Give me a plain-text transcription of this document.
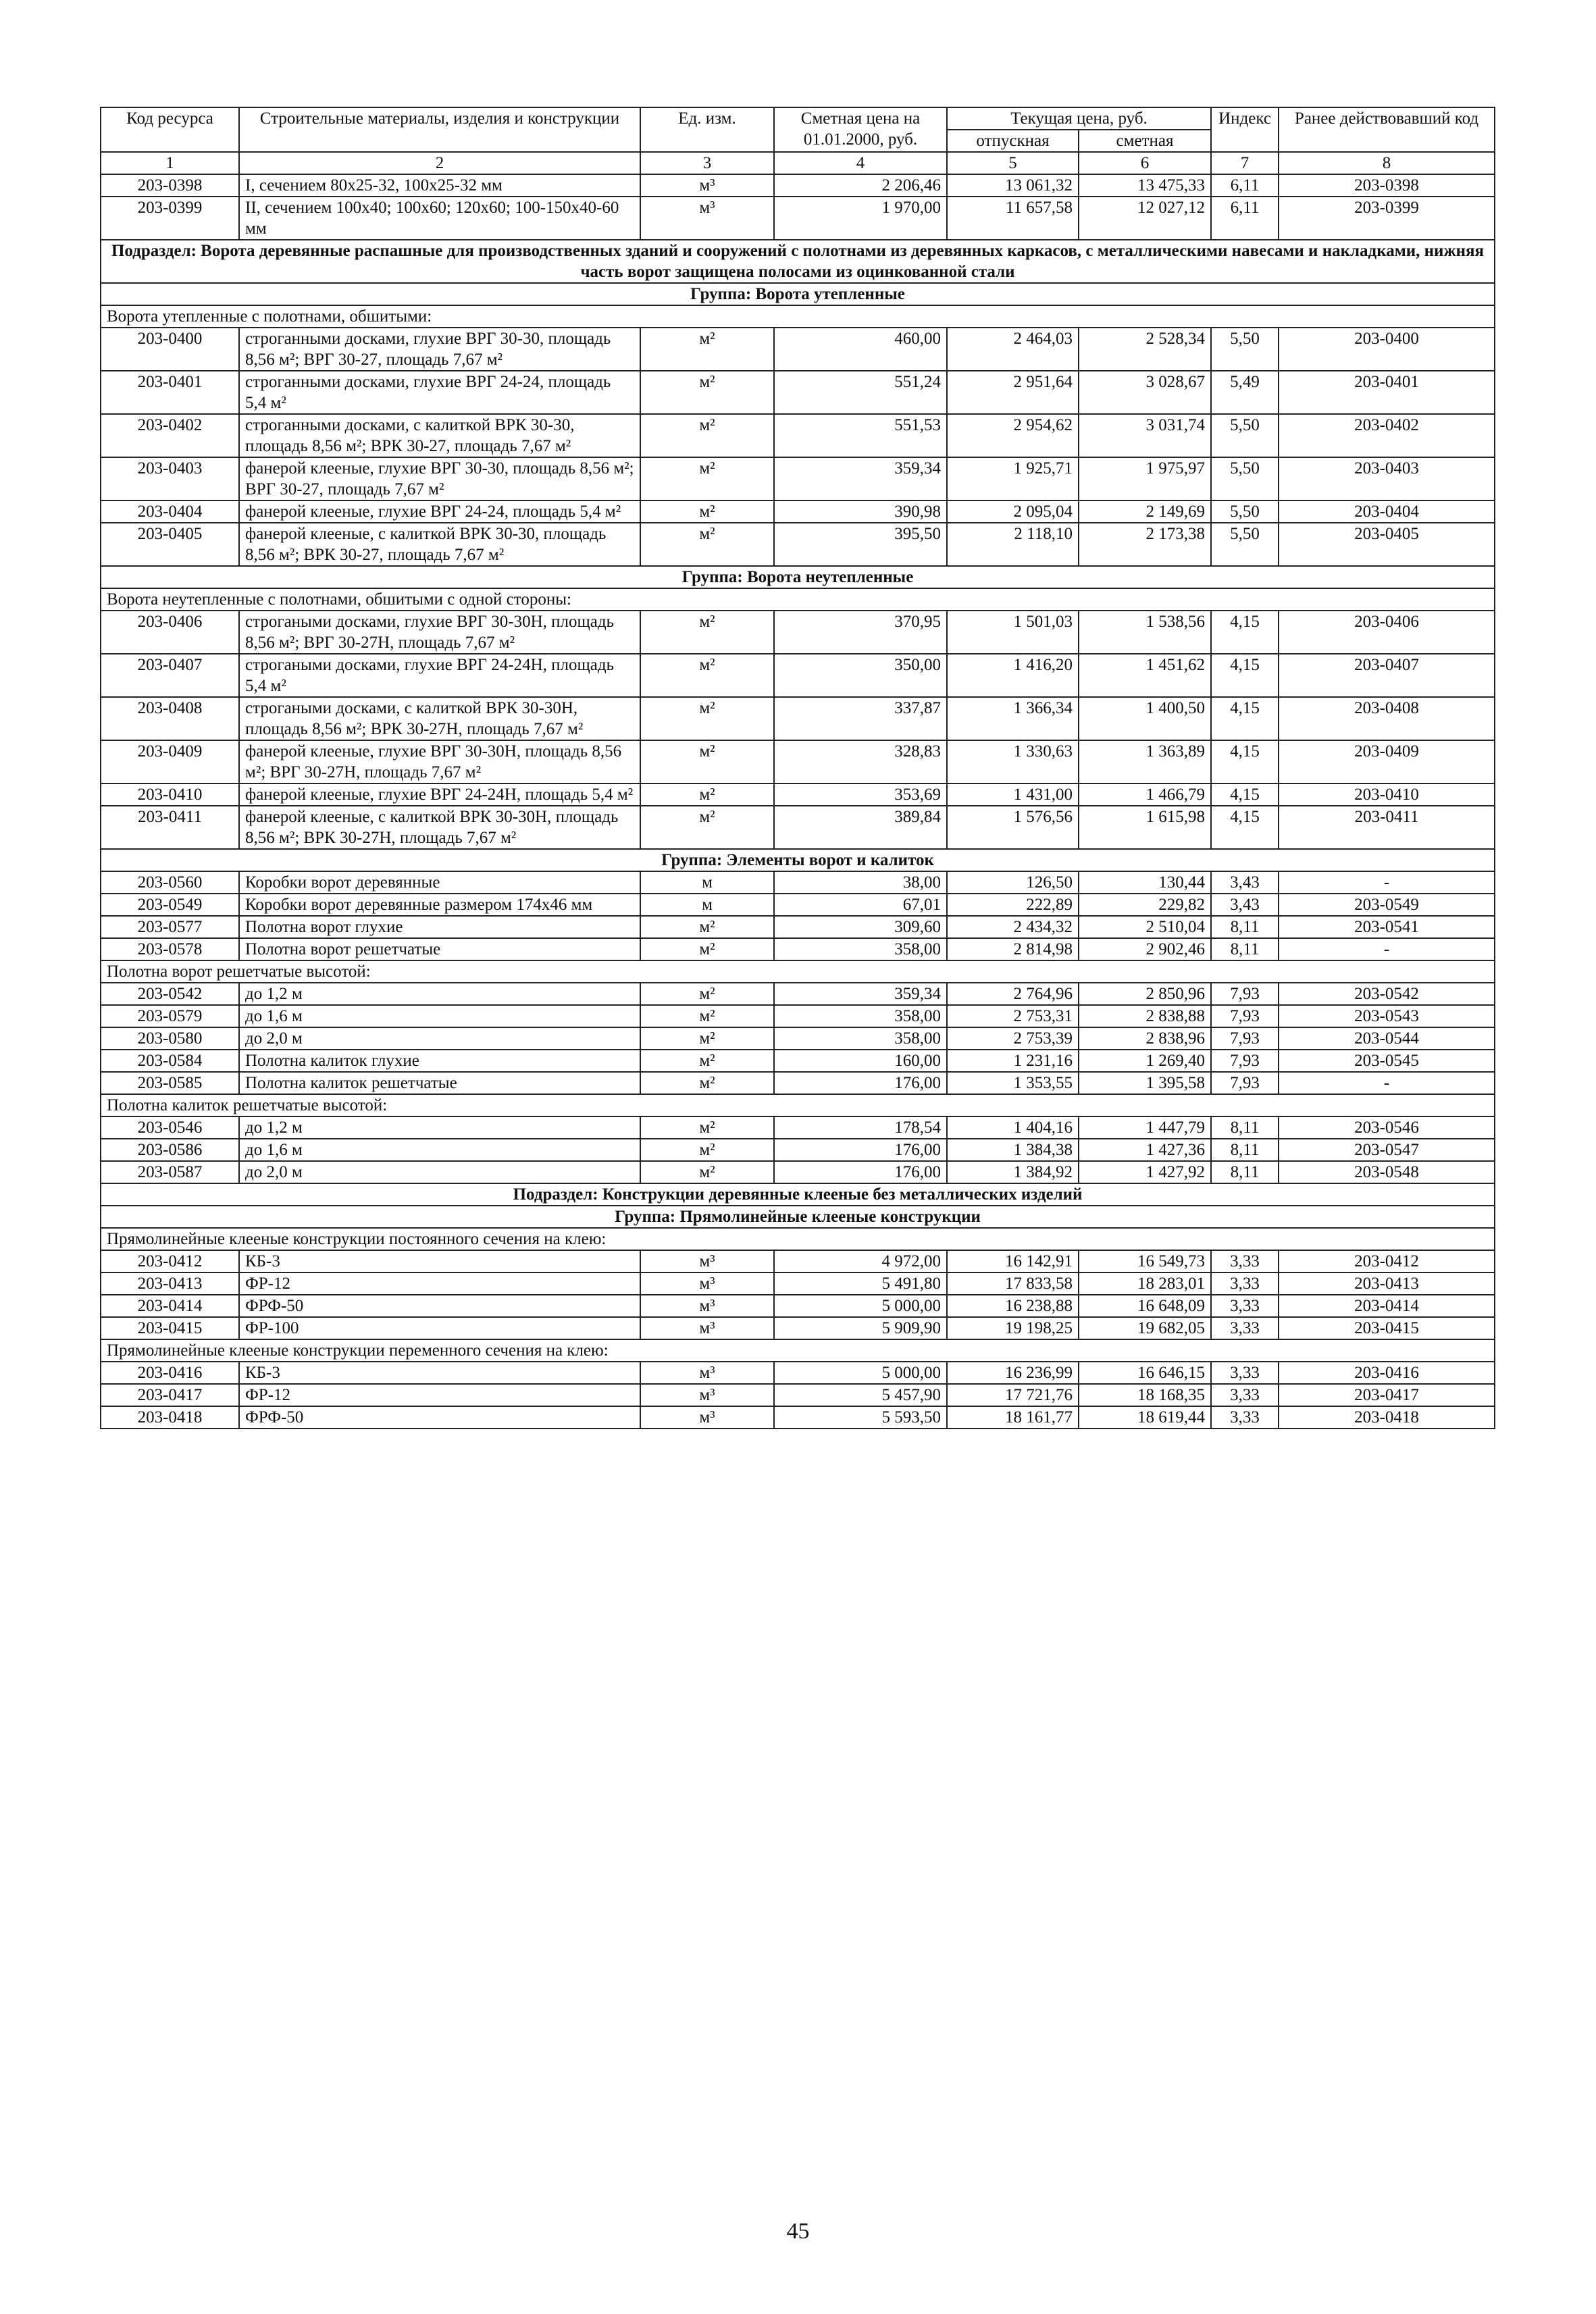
Код ресурса	Строительные материалы, изделия и конструкции	Ед. изм.	Сметная цена на 01.01.2000, руб.	Текущая цена, руб.		Индекс	Ранее действовавший код
				отпускная	сметная		
1	2	3	4	5	6	7	8
203-0398	I, сечением 80x25-32, 100x25-32 мм	м³	2 206,46	13 061,32	13 475,33	6,11	203-0398
203-0399	II, сечением 100x40; 100x60; 120x60; 100-150x40-60 мм	м³	1 970,00	11 657,58	12 027,12	6,11	203-0399
Подраздел: Ворота деревянные распашные для производственных зданий и сооружений с полотнами из деревянных каркасов, с металлическими навесами и накладками, нижняя часть ворот защищена полосами из оцинкованной стали							
Группа: Ворота утепленные							
Ворота утепленные с полотнами, обшитыми:							
203-0400	строганными досками, глухие ВРГ 30-30, площадь 8,56 м²; ВРГ 30-27, площадь 7,67 м²	м²	460,00	2 464,03	2 528,34	5,50	203-0400
203-0401	строганными досками, глухие ВРГ 24-24, площадь 5,4 м²	м²	551,24	2 951,64	3 028,67	5,49	203-0401
203-0402	строганными досками, с калиткой ВРК 30-30, площадь 8,56 м²; ВРК 30-27, площадь 7,67 м²	м²	551,53	2 954,62	3 031,74	5,50	203-0402
203-0403	фанерой клееные, глухие ВРГ 30-30, площадь 8,56 м²; ВРГ 30-27, площадь 7,67 м²	м²	359,34	1 925,71	1 975,97	5,50	203-0403
203-0404	фанерой клееные, глухие ВРГ 24-24, площадь 5,4 м²	м²	390,98	2 095,04	2 149,69	5,50	203-0404
203-0405	фанерой клееные, с калиткой ВРК 30-30, площадь 8,56 м²; ВРК 30-27, площадь 7,67 м²	м²	395,50	2 118,10	2 173,38	5,50	203-0405
Группа: Ворота неутепленные							
Ворота неутепленные с полотнами, обшитыми с одной стороны:							
203-0406	строгаными досками, глухие ВРГ 30-30Н, площадь 8,56 м²; ВРГ 30-27Н, площадь 7,67 м²	м²	370,95	1 501,03	1 538,56	4,15	203-0406
203-0407	строгаными досками, глухие ВРГ 24-24Н, площадь 5,4 м²	м²	350,00	1 416,20	1 451,62	4,15	203-0407
203-0408	строгаными досками, с калиткой ВРК 30-30Н, площадь 8,56 м²; ВРК 30-27Н, площадь 7,67 м²	м²	337,87	1 366,34	1 400,50	4,15	203-0408
203-0409	фанерой клееные, глухие ВРГ 30-30Н, площадь 8,56 м²; ВРГ 30-27Н, площадь 7,67 м²	м²	328,83	1 330,63	1 363,89	4,15	203-0409
203-0410	фанерой клееные, глухие ВРГ 24-24Н, площадь 5,4 м²	м²	353,69	1 431,00	1 466,79	4,15	203-0410
203-0411	фанерой клееные, с калиткой ВРК 30-30Н, площадь 8,56 м²; ВРК 30-27Н, площадь 7,67 м²	м²	389,84	1 576,56	1 615,98	4,15	203-0411
Группа: Элементы ворот и калиток							
203-0560	Коробки ворот деревянные	м	38,00	126,50	130,44	3,43	-
203-0549	Коробки ворот деревянные размером 174x46 мм	м	67,01	222,89	229,82	3,43	203-0549
203-0577	Полотна ворот глухие	м²	309,60	2 434,32	2 510,04	8,11	203-0541
203-0578	Полотна ворот решетчатые	м²	358,00	2 814,98	2 902,46	8,11	-
Полотна ворот решетчатые высотой:							
203-0542	до 1,2 м	м²	359,34	2 764,96	2 850,96	7,93	203-0542
203-0579	до 1,6 м	м²	358,00	2 753,31	2 838,88	7,93	203-0543
203-0580	до 2,0 м	м²	358,00	2 753,39	2 838,96	7,93	203-0544
203-0584	Полотна калиток глухие	м²	160,00	1 231,16	1 269,40	7,93	203-0545
203-0585	Полотна калиток решетчатые	м²	176,00	1 353,55	1 395,58	7,93	-
Полотна калиток решетчатые высотой:							
203-0546	до 1,2 м	м²	178,54	1 404,16	1 447,79	8,11	203-0546
203-0586	до 1,6 м	м²	176,00	1 384,38	1 427,36	8,11	203-0547
203-0587	до 2,0 м	м²	176,00	1 384,92	1 427,92	8,11	203-0548
Подраздел: Конструкции деревянные клееные без металлических изделий							
Группа: Прямолинейные клееные конструкции							
Прямолинейные клееные конструкции постоянного сечения на клею:							
203-0412	КБ-3	м³	4 972,00	16 142,91	16 549,73	3,33	203-0412
203-0413	ФР-12	м³	5 491,80	17 833,58	18 283,01	3,33	203-0413
203-0414	ФРФ-50	м³	5 000,00	16 238,88	16 648,09	3,33	203-0414
203-0415	ФР-100	м³	5 909,90	19 198,25	19 682,05	3,33	203-0415
Прямолинейные клееные конструкции переменного сечения на клею:							
203-0416	КБ-3	м³	5 000,00	16 236,99	16 646,15	3,33	203-0416
203-0417	ФР-12	м³	5 457,90	17 721,76	18 168,35	3,33	203-0417
203-0418	ФРФ-50	м³	5 593,50	18 161,77	18 619,44	3,33	203-0418
45
